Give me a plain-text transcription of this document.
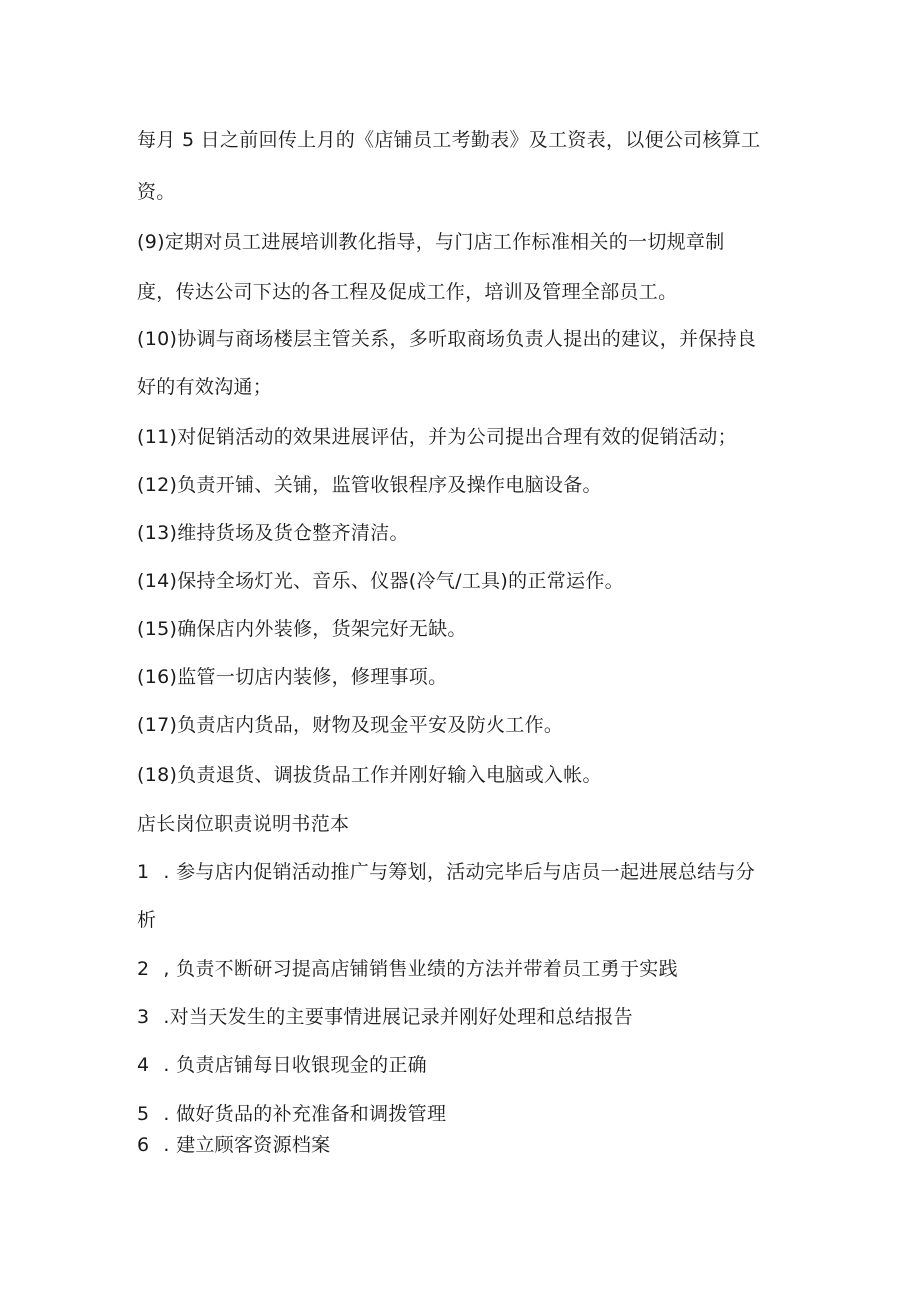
每月 5 日之前回传上月的《店铺员工考勤表》及工资表，以便公司核算工
资。
(9)定期对员工进展培训教化指导，与门店工作标准相关的一切规章制
度，传达公司下达的各工程及促成工作，培训及管理全部员工。
(10)协调与商场楼层主管关系，多听取商场负责人提出的建议，并保持良
好的有效沟通；
(11)对促销活动的效果进展评估，并为公司提出合理有效的促销活动；
(12)负责开铺、关铺，监管收银程序及操作电脑设备。
(13)维持货场及货仓整齐清洁。
(14)保持全场灯光、音乐、仪器(冷气/工具)的正常运作。
(15)确保店内外装修，货架完好无缺。
(16)监管一切店内装修，修理事项。
(17)负责店内货品，财物及现金平安及防火工作。
(18)负责退货、调拔货品工作并刚好输入电脑或入帐。
店长岗位职责说明书范本
1 . 参与店内促销活动推广与筹划，活动完毕后与店员一起进展总结与分
析
2 , 负责不断研习提高店铺销售业绩的方法并带着员工勇于实践
3 .对当天发生的主要事情进展记录并刚好处理和总结报告
4 . 负责店铺每日收银现金的正确
5 . 做好货品的补充准备和调拨管理
6 . 建立顾客资源档案
